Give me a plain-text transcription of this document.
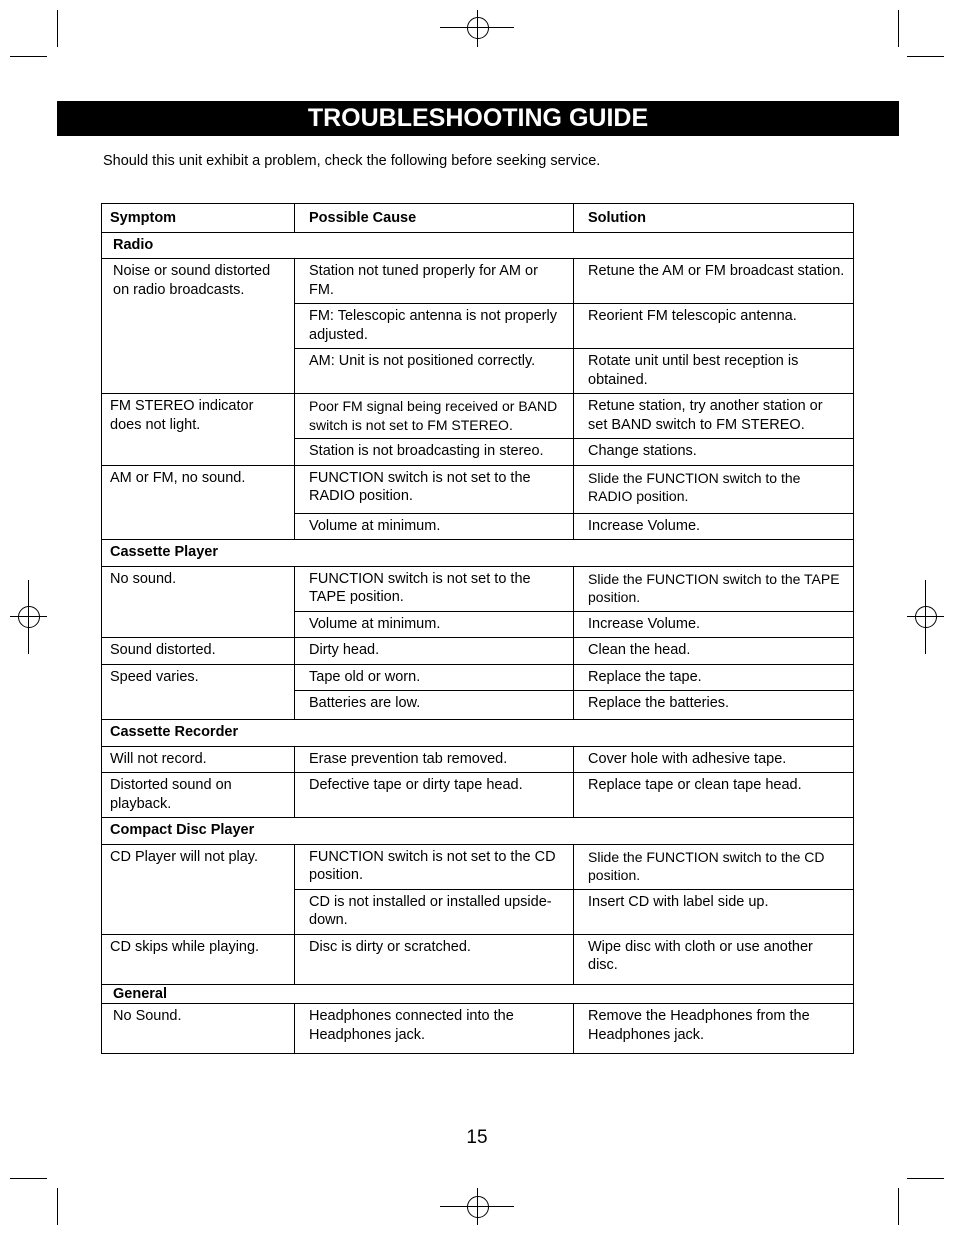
TROUBLESHOOTING GUIDE
Should this unit exhibit a problem, check the following before seeking service.
Symptom	Possible Cause	Solution
Radio		
Noise or sound distorted on radio broadcasts.	Station not tuned properly for AM or FM.	Retune the AM or FM broadcast station.
	FM: Telescopic antenna is not properly adjusted.	Reorient FM telescopic antenna.
	AM: Unit is not positioned correctly.	Rotate unit until best reception is obtained.
FM STEREO indicator does not light.	Poor FM signal being received or BAND switch is not set to FM STEREO.	Retune station, try another station or set BAND switch to FM STEREO.
	Station is not broadcasting in stereo.	Change stations.
AM or FM, no sound.	FUNCTION switch is not set to the RADIO position.	Slide the FUNCTION switch to the RADIO position.
	Volume at minimum.	Increase Volume.
Cassette Player		
No sound.	FUNCTION switch is not set to the TAPE position.	Slide the FUNCTION switch to the TAPE position.
	Volume at minimum.	Increase Volume.
Sound distorted.	Dirty head.	Clean the head.
Speed varies.	Tape old or worn.	Replace the tape.
	Batteries are low.	Replace the batteries.
Cassette Recorder		
Will not record.	Erase prevention tab removed.	Cover hole with adhesive tape.
Distorted sound on playback.	Defective tape or dirty tape head.	Replace tape or clean tape head.
Compact Disc Player		
CD Player will not play.	FUNCTION switch is not set to the CD position.	Slide the FUNCTION switch to the CD position.
	CD is not installed or installed upside-down.	Insert CD with label side up.
CD skips while playing.	Disc is dirty or scratched.	Wipe disc with cloth or use another disc.
General		
No Sound.	Headphones connected into the Headphones jack.	Remove the Headphones from the Headphones jack.
15
